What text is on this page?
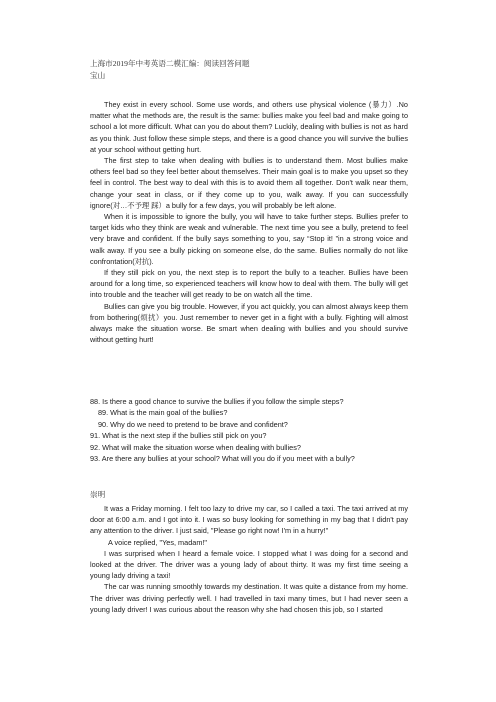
上海市2019年中考英语二模汇编：阅读回答问题
宝山

They exist in every school. Some use words, and others use physical violence (暴力）.No matter what the methods are, the result is the same: bullies make you feel bad and make going to school a lot more difficult. What can you do about them? Luckily, dealing with bullies is not as hard as you think. Just follow these simple steps, and there is a good chance you will survive the bullies at your school without getting hurt.

The first step to take when dealing with bullies is to understand them. Most bullies make others feel bad so they feel better about themselves. Their main goal is to make you upset so they feel in control. The best way to deal with this is to avoid them all together. Don't walk near them, change your seat in class, or if they come up to you, walk away. If you can successfully ignore(对…不予理 踩）a bully for a few days, you will probably be left alone.

When it is impossible to ignore the bully, you will have to take further steps. Bullies prefer to target kids who they think are weak and vulnerable. The next time you see a bully, pretend to feel very brave and confident. If the bully says something to you, say “Stop it! ”in a strong voice and walk away. If you see a bully picking on someone else, do the same. Bullies normally do not like confrontation(对抗).

If they still pick on you, the next step is to report the bully to a teacher. Bullies have been around for a long time, so experienced teachers will know how to deal with them. The bully will get into trouble and the teacher will get ready to be on watch all the time.

Bullies can give you big trouble. However, if you act quickly, you can almost always keep them from bothering(烦扰）you. Just remember to never get in a fight with a bully. Fighting will almost always make the situation worse. Be smart when dealing with bullies and you should survive without getting hurt!

88. Is there a good chance to survive the bullies if you follow the simple steps?

89. What is the main goal of the bullies?

90. Why do we need to pretend to be brave and confident?

91. What is the next step if the bullies still pick on you?

92. What will make the situation worse when dealing with bullies?

93. Are there any bullies at your school? What will you do if you meet with a bully?

崇明

It was a Friday morning. I felt too lazy to drive my car, so I called a taxi. The taxi arrived at my door at 6:00 a.m. and I got into it. I was so busy looking for something in my bag that I didn't pay any attention to the driver. I just said, "Please go right now! I'm in a hurry!"

A voice replied, "Yes, madam!"

I was surprised when I heard a female voice. I stopped what I was doing for a second and looked at the driver. The driver was a young lady of about thirty. It was my first time seeing a young lady driving a taxi!

The car was running smoothly towards my destination. It was quite a distance from my home. The driver was driving perfectly well. I had travelled in taxi many times, but I had never seen a young lady driver! I was curious about the reason why she had chosen this job, so I started
